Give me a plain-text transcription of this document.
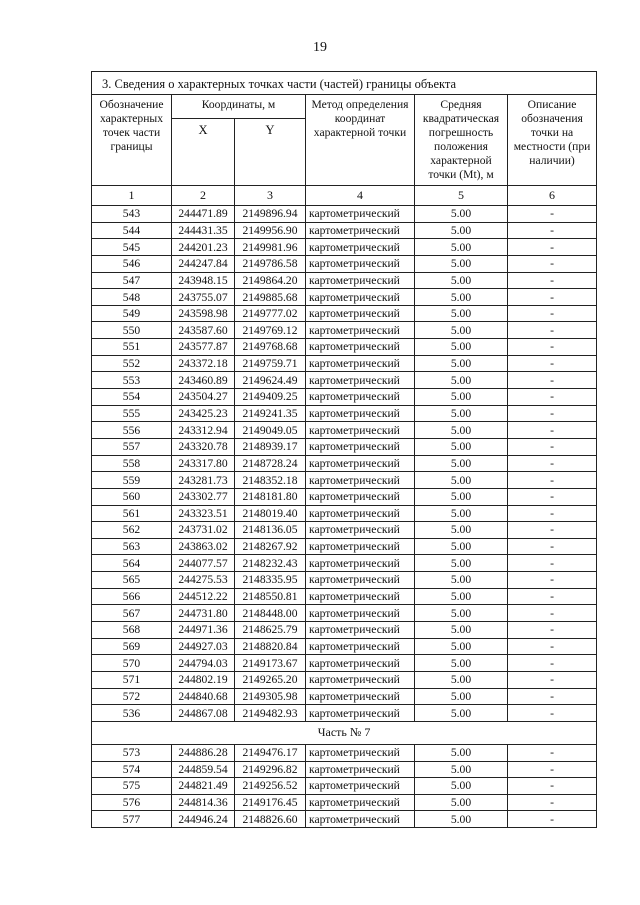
19
3. Сведения о характерных точках части (частей) границы объекта					
Обозначение характерных точек части границы	Координаты, м		Метод определения координат характерной точки	Средняя квадратическая погрешность положения характерной точки (Mt), м	Описание обозначения точки на местности (при наличии)
	X	Y			
1	2	3	4	5	6
543	244471.89	2149896.94	картометрический	5.00	-
544	244431.35	2149956.90	картометрический	5.00	-
545	244201.23	2149981.96	картометрический	5.00	-
546	244247.84	2149786.58	картометрический	5.00	-
547	243948.15	2149864.20	картометрический	5.00	-
548	243755.07	2149885.68	картометрический	5.00	-
549	243598.98	2149777.02	картометрический	5.00	-
550	243587.60	2149769.12	картометрический	5.00	-
551	243577.87	2149768.68	картометрический	5.00	-
552	243372.18	2149759.71	картометрический	5.00	-
553	243460.89	2149624.49	картометрический	5.00	-
554	243504.27	2149409.25	картометрический	5.00	-
555	243425.23	2149241.35	картометрический	5.00	-
556	243312.94	2149049.05	картометрический	5.00	-
557	243320.78	2148939.17	картометрический	5.00	-
558	243317.80	2148728.24	картометрический	5.00	-
559	243281.73	2148352.18	картометрический	5.00	-
560	243302.77	2148181.80	картометрический	5.00	-
561	243323.51	2148019.40	картометрический	5.00	-
562	243731.02	2148136.05	картометрический	5.00	-
563	243863.02	2148267.92	картометрический	5.00	-
564	244077.57	2148232.43	картометрический	5.00	-
565	244275.53	2148335.95	картометрический	5.00	-
566	244512.22	2148550.81	картометрический	5.00	-
567	244731.80	2148448.00	картометрический	5.00	-
568	244971.36	2148625.79	картометрический	5.00	-
569	244927.03	2148820.84	картометрический	5.00	-
570	244794.03	2149173.67	картометрический	5.00	-
571	244802.19	2149265.20	картометрический	5.00	-
572	244840.68	2149305.98	картометрический	5.00	-
536	244867.08	2149482.93	картометрический	5.00	-
Часть № 7					
573	244886.28	2149476.17	картометрический	5.00	-
574	244859.54	2149296.82	картометрический	5.00	-
575	244821.49	2149256.52	картометрический	5.00	-
576	244814.36	2149176.45	картометрический	5.00	-
577	244946.24	2148826.60	картометрический	5.00	-
